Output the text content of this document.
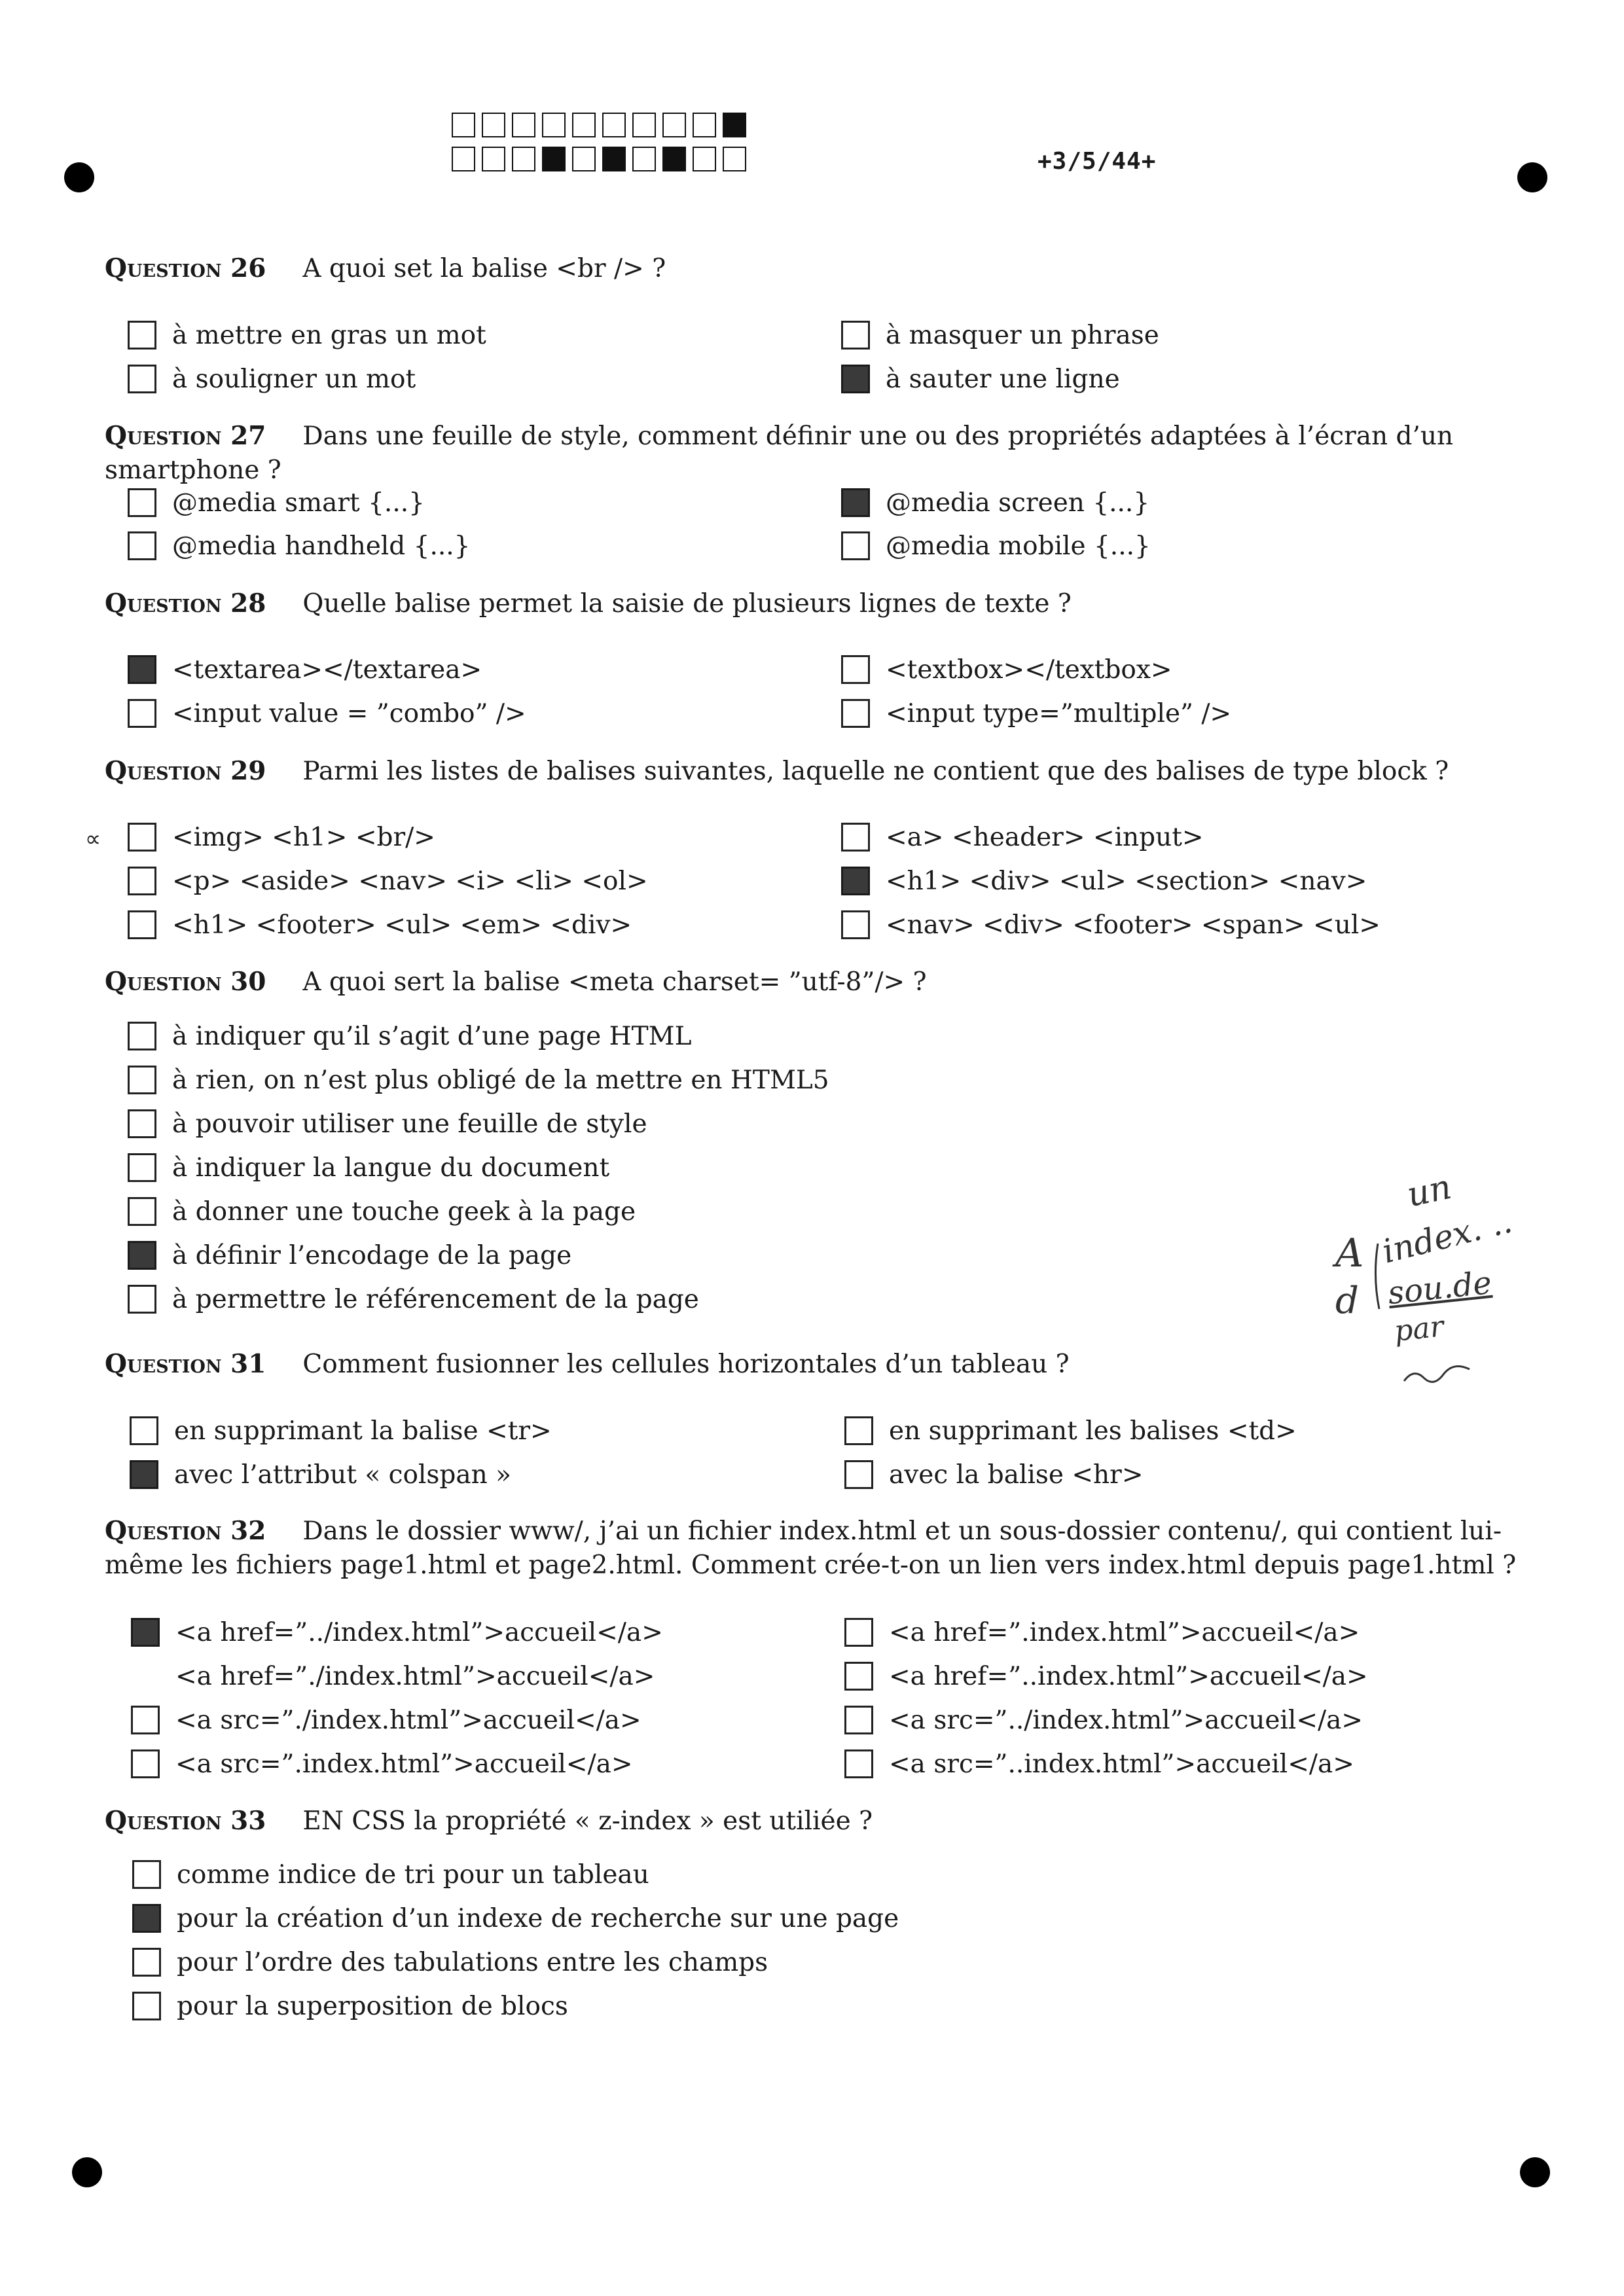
+3/5/44+
Question 26 A quoi set la balise <br /> ?
à mettre en gras un mot	à masquer un phrase
à souligner un mot	à sauter une ligne
Question 27 Dans une feuille de style, comment définir une ou des propriétés adaptées à l’écran d’un smartphone ?
@media smart {...}	@media screen {...}
@media handheld {...}	@media mobile {...}
Question 28 Quelle balise permet la saisie de plusieurs lignes de texte ?
<textarea></textarea>	<textbox></textbox>
<input value = ”combo” />	<input type=”multiple” />
Question 29 Parmi les listes de balises suivantes, laquelle ne contient que des balises de type block ?
∝	<img> <h1> <br/>	<a> <header> <input>
<p> <aside> <nav> <i> <li> <ol>	<h1> <div> <ul> <section> <nav>
<h1> <footer> <ul> <em> <div>	<nav> <div> <footer> <span> <ul>
Question 30 A quoi sert la balise <meta charset= ”utf-8”/> ?
à indiquer qu’il s’agit d’une page HTML
à rien, on n’est plus obligé de la mettre en HTML5
à pouvoir utiliser une feuille de style
à indiquer la langue du document
à donner une touche geek à la page
à définir l’encodage de la page
à permettre le référencement de la page
un
index. ..
A
sou.de
d
par
Question 31 Comment fusionner les cellules horizontales d’un tableau ?
en supprimant la balise <tr>	en supprimant les balises <td>
avec l’attribut « colspan »	avec la balise <hr>
Question 32 Dans le dossier www/, j’ai un fichier index.html et un sous-dossier contenu/, qui contient lui-même les fichiers page1.html et page2.html. Comment crée-t-on un lien vers index.html depuis page1.html ?
<a href=”../index.html”>accueil</a>	<a href=”.index.html”>accueil</a>
<a href=”./index.html”>accueil</a>	<a href=”..index.html”>accueil</a>
<a src=”./index.html”>accueil</a>	<a src=”../index.html”>accueil</a>
<a src=”.index.html”>accueil</a>	<a src=”..index.html”>accueil</a>
Question 33 EN CSS la propriété « z-index » est utiliée ?
comme indice de tri pour un tableau
pour la création d’un indexe de recherche sur une page
pour l’ordre des tabulations entre les champs
pour la superposition de blocs
